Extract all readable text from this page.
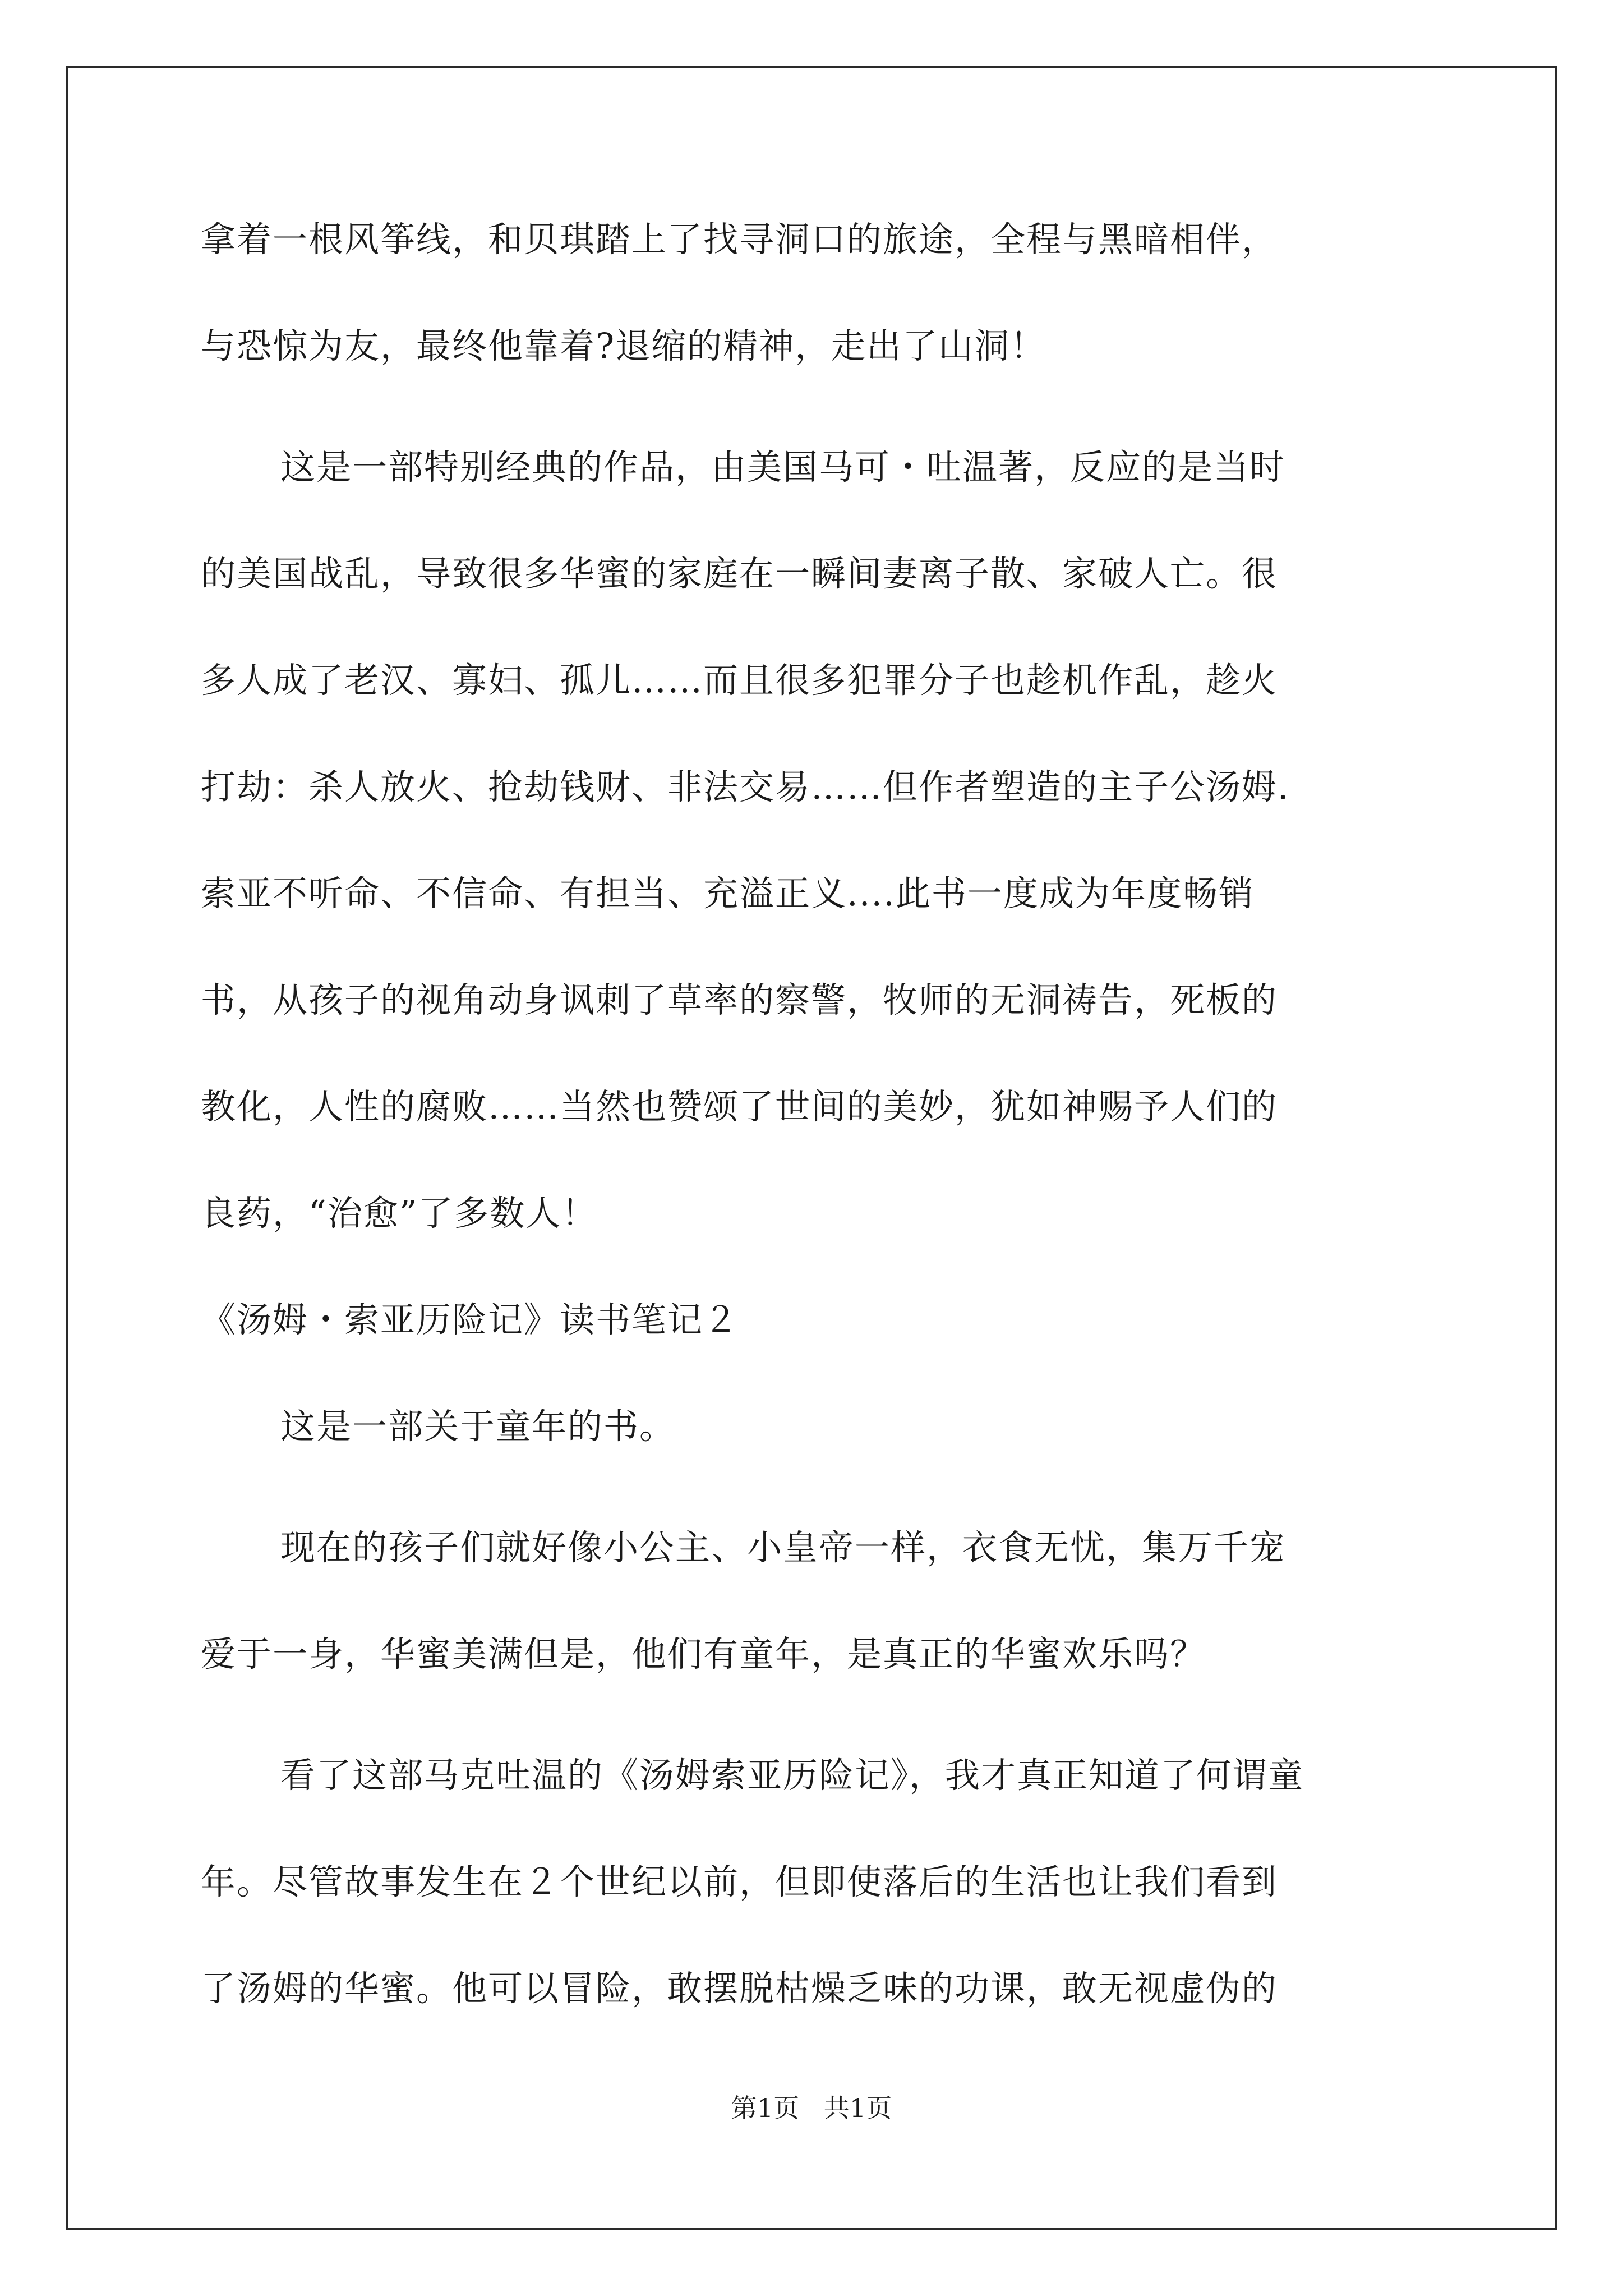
拿着一根风筝线，和贝琪踏上了找寻洞口的旅途，全程与黑暗相伴，
与恐惊为友，最终他靠着?退缩的精神，走出了山洞！
这是一部特别经典的作品，由美国马可・吐温著，反应的是当时
的美国战乱，导致很多华蜜的家庭在一瞬间妻离子散、家破人亡。很
多人成了老汉、寡妇、孤儿……而且很多犯罪分子也趁机作乱，趁火
打劫：杀人放火、抢劫钱财、非法交易……但作者塑造的主子公汤姆.
索亚不听命、不信命、有担当、充溢正义....此书一度成为年度畅销
书，从孩子的视角动身讽刺了草率的察警，牧师的无洞祷告，死板的
教化，人性的腐败……当然也赞颂了世间的美妙，犹如神赐予人们的
良药，“治愈”了多数人！
《汤姆・索亚历险记》读书笔记２
这是一部关于童年的书。
现在的孩子们就好像小公主、小皇帝一样，衣食无忧，集万千宠
爱于一身，华蜜美满但是，他们有童年，是真正的华蜜欢乐吗？
看了这部马克吐温的《汤姆索亚历险记》，我才真正知道了何谓童
年。尽管故事发生在２个世纪以前，但即使落后的生活也让我们看到
了汤姆的华蜜。他可以冒险，敢摆脱枯燥乏味的功课，敢无视虚伪的
第1页   共1页
